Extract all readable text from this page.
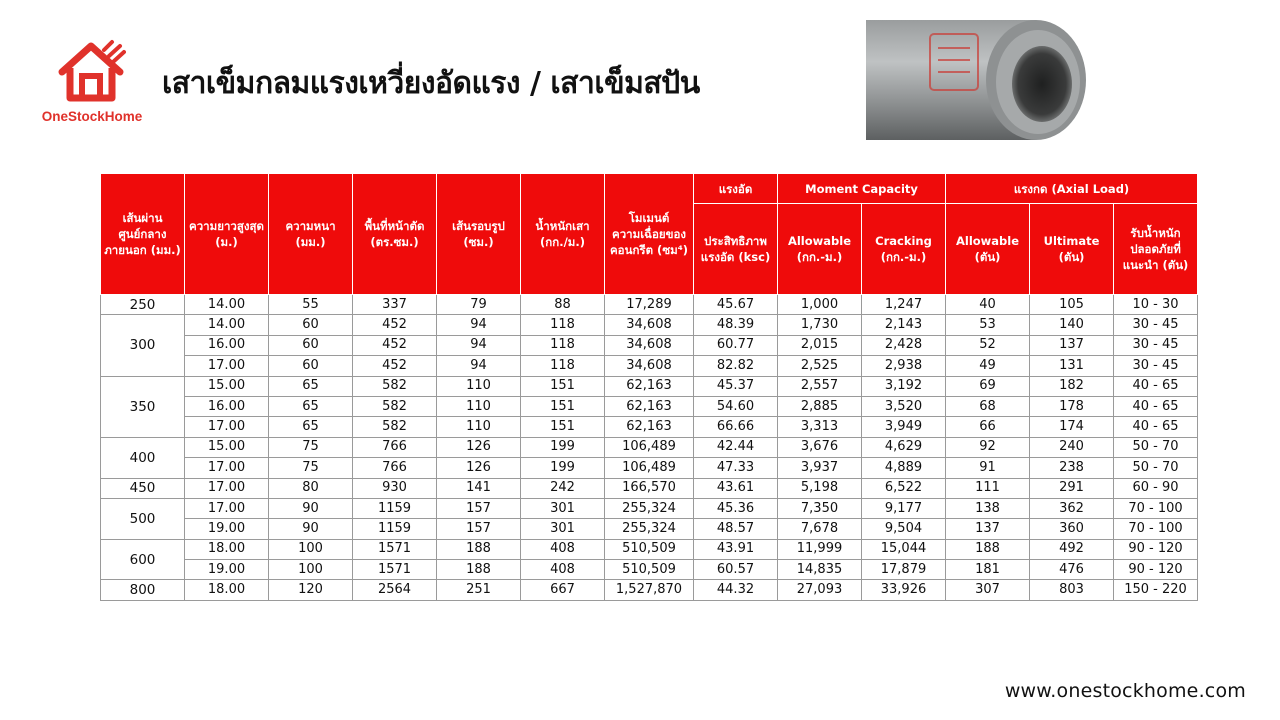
OneStockHome
เสาเข็มกลมแรงเหวี่ยงอัดแรง / เสาเข็มสปัน
เส้นผ่านศูนย์กลางภายนอก (มม.)	ความยาวสูงสุด (ม.)	ความหนา (มม.)	พื้นที่หน้าตัด (ตร.ซม.)	เส้นรอบรูป (ซม.)	น้ำหนักเสา (กก./ม.)	โมเมนต์ความเฉื่อยของคอนกรีต (ซม⁴)	แรงอัด	Moment Capacity		แรงกด (Axial Load)		
							ประสิทธิภาพแรงอัด (ksc)	Allowable (กก.-ม.)	Cracking (กก.-ม.)	Allowable (ตัน)	Ultimate (ตัน)	รับน้ำหนักปลอดภัยที่แนะนำ (ตัน)
250	14.00	55	337	79	88	17,289	45.67	1,000	1,247	40	105	10 - 30
300	14.00	60	452	94	118	34,608	48.39	1,730	2,143	53	140	30 - 45
	16.00	60	452	94	118	34,608	60.77	2,015	2,428	52	137	30 - 45
	17.00	60	452	94	118	34,608	82.82	2,525	2,938	49	131	30 - 45
350	15.00	65	582	110	151	62,163	45.37	2,557	3,192	69	182	40 - 65
	16.00	65	582	110	151	62,163	54.60	2,885	3,520	68	178	40 - 65
	17.00	65	582	110	151	62,163	66.66	3,313	3,949	66	174	40 - 65
400	15.00	75	766	126	199	106,489	42.44	3,676	4,629	92	240	50 - 70
	17.00	75	766	126	199	106,489	47.33	3,937	4,889	91	238	50 - 70
450	17.00	80	930	141	242	166,570	43.61	5,198	6,522	111	291	60 - 90
500	17.00	90	1159	157	301	255,324	45.36	7,350	9,177	138	362	70 - 100
	19.00	90	1159	157	301	255,324	48.57	7,678	9,504	137	360	70 - 100
600	18.00	100	1571	188	408	510,509	43.91	11,999	15,044	188	492	90 - 120
	19.00	100	1571	188	408	510,509	60.57	14,835	17,879	181	476	90 - 120
800	18.00	120	2564	251	667	1,527,870	44.32	27,093	33,926	307	803	150 - 220
www.onestockhome.com
